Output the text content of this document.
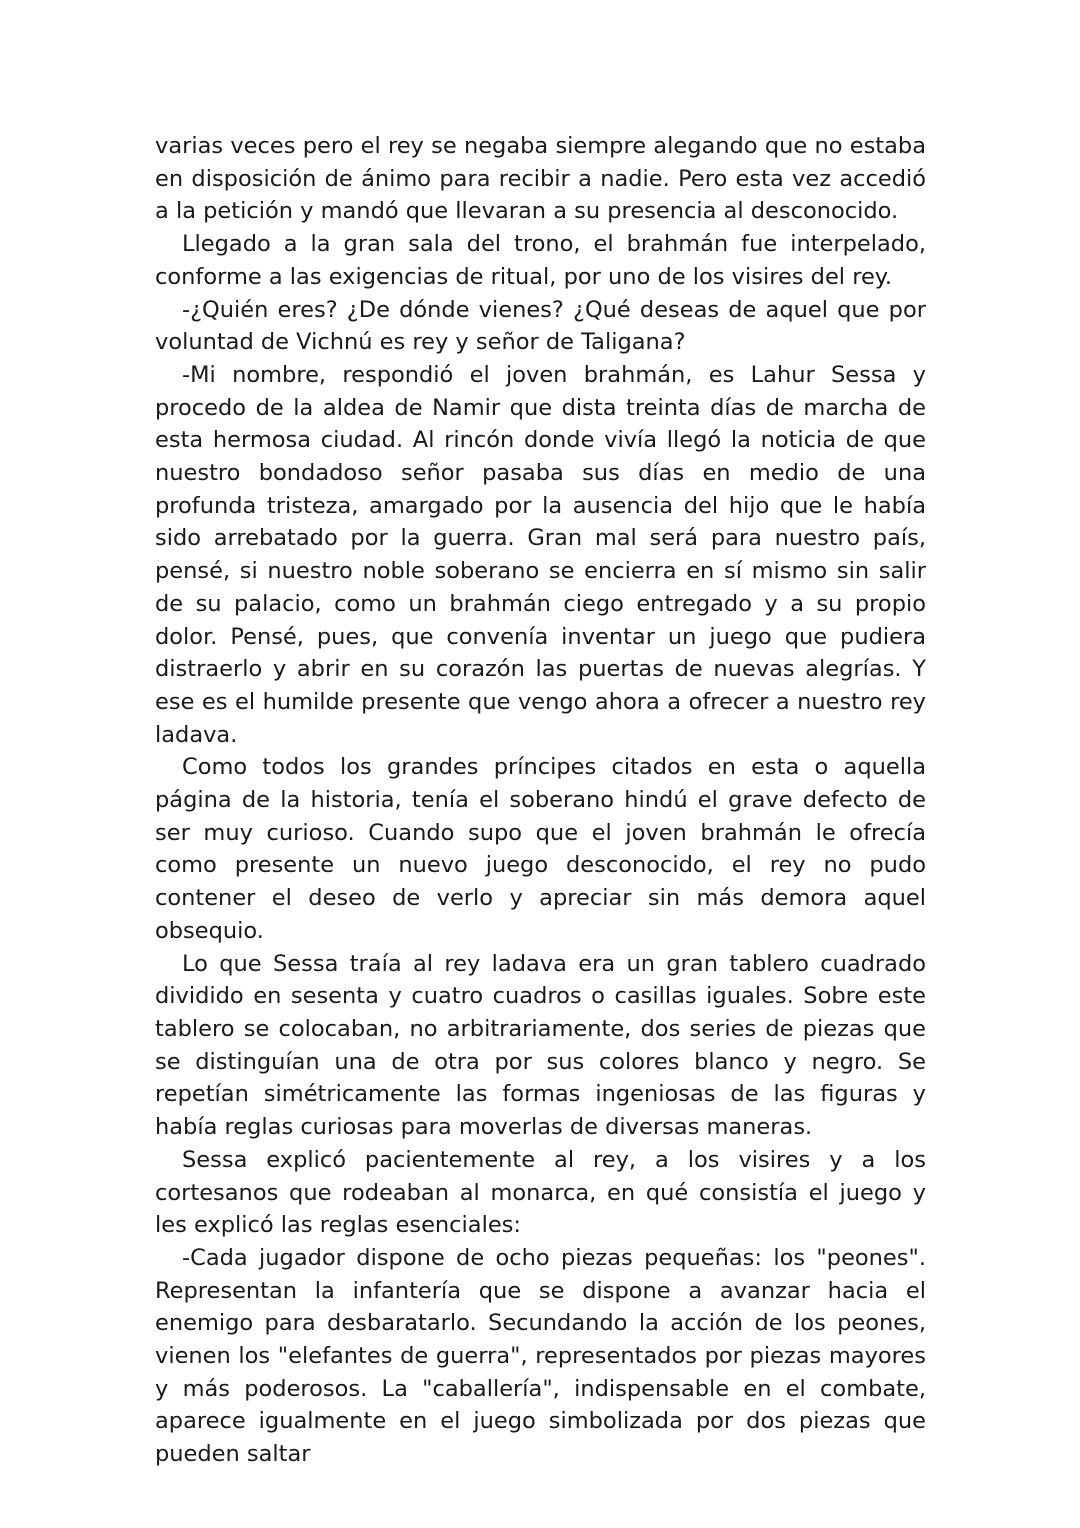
varias veces pero el rey se negaba siempre alegando que no estaba en disposición de ánimo para recibir a nadie. Pero esta vez accedió a la petición y mandó que llevaran a su presencia al desconocido.

Llegado a la gran sala del trono, el brahmán fue interpelado, conforme a las exigencias de ritual, por uno de los visires del rey.

-¿Quién eres? ¿De dónde vienes? ¿Qué deseas de aquel que por voluntad de Vichnú es rey y señor de Taligana?

-Mi nombre, respondió el joven brahmán, es Lahur Sessa y procedo de la aldea de Namir que dista treinta días de marcha de esta hermosa ciudad. Al rincón donde vivía llegó la noticia de que nuestro bondadoso señor pasaba sus días en medio de una profunda tristeza, amargado por la ausencia del hijo que le había sido arrebatado por la guerra. Gran mal será para nuestro país, pensé, si nuestro noble soberano se encierra en sí mismo sin salir de su palacio, como un brahmán ciego entregado y a su propio dolor. Pensé, pues, que convenía inventar un juego que pudiera distraerlo y abrir en su corazón las puertas de nuevas alegrías. Y ese es el humilde presente que vengo ahora a ofrecer a nuestro rey ladava.

Como todos los grandes príncipes citados en esta o aquella página de la historia, tenía el soberano hindú el grave defecto de ser muy curioso. Cuando supo que el joven brahmán le ofrecía como presente un nuevo juego desconocido, el rey no pudo contener el deseo de verlo y apreciar sin más demora aquel obsequio.

Lo que Sessa traía al rey ladava era un gran tablero cuadrado dividido en sesenta y cuatro cuadros o casillas iguales. Sobre este tablero se colocaban, no arbitrariamente, dos series de piezas que se distinguían una de otra por sus colores blanco y negro. Se repetían simétricamente las formas ingeniosas de las figuras y había reglas curiosas para moverlas de diversas maneras.

Sessa explicó pacientemente al rey, a los visires y a los cortesanos que rodeaban al monarca, en qué consistía el juego y les explicó las reglas esenciales:

-Cada jugador dispone de ocho piezas pequeñas: los "peones". Representan la infantería que se dispone a avanzar hacia el enemigo para desbaratarlo. Secundando la acción de los peones, vienen los "elefantes de guerra", representados por piezas mayores y más poderosos. La "caballería", indispensable en el combate, aparece igualmente en el juego simbolizada por dos piezas que pueden saltar
